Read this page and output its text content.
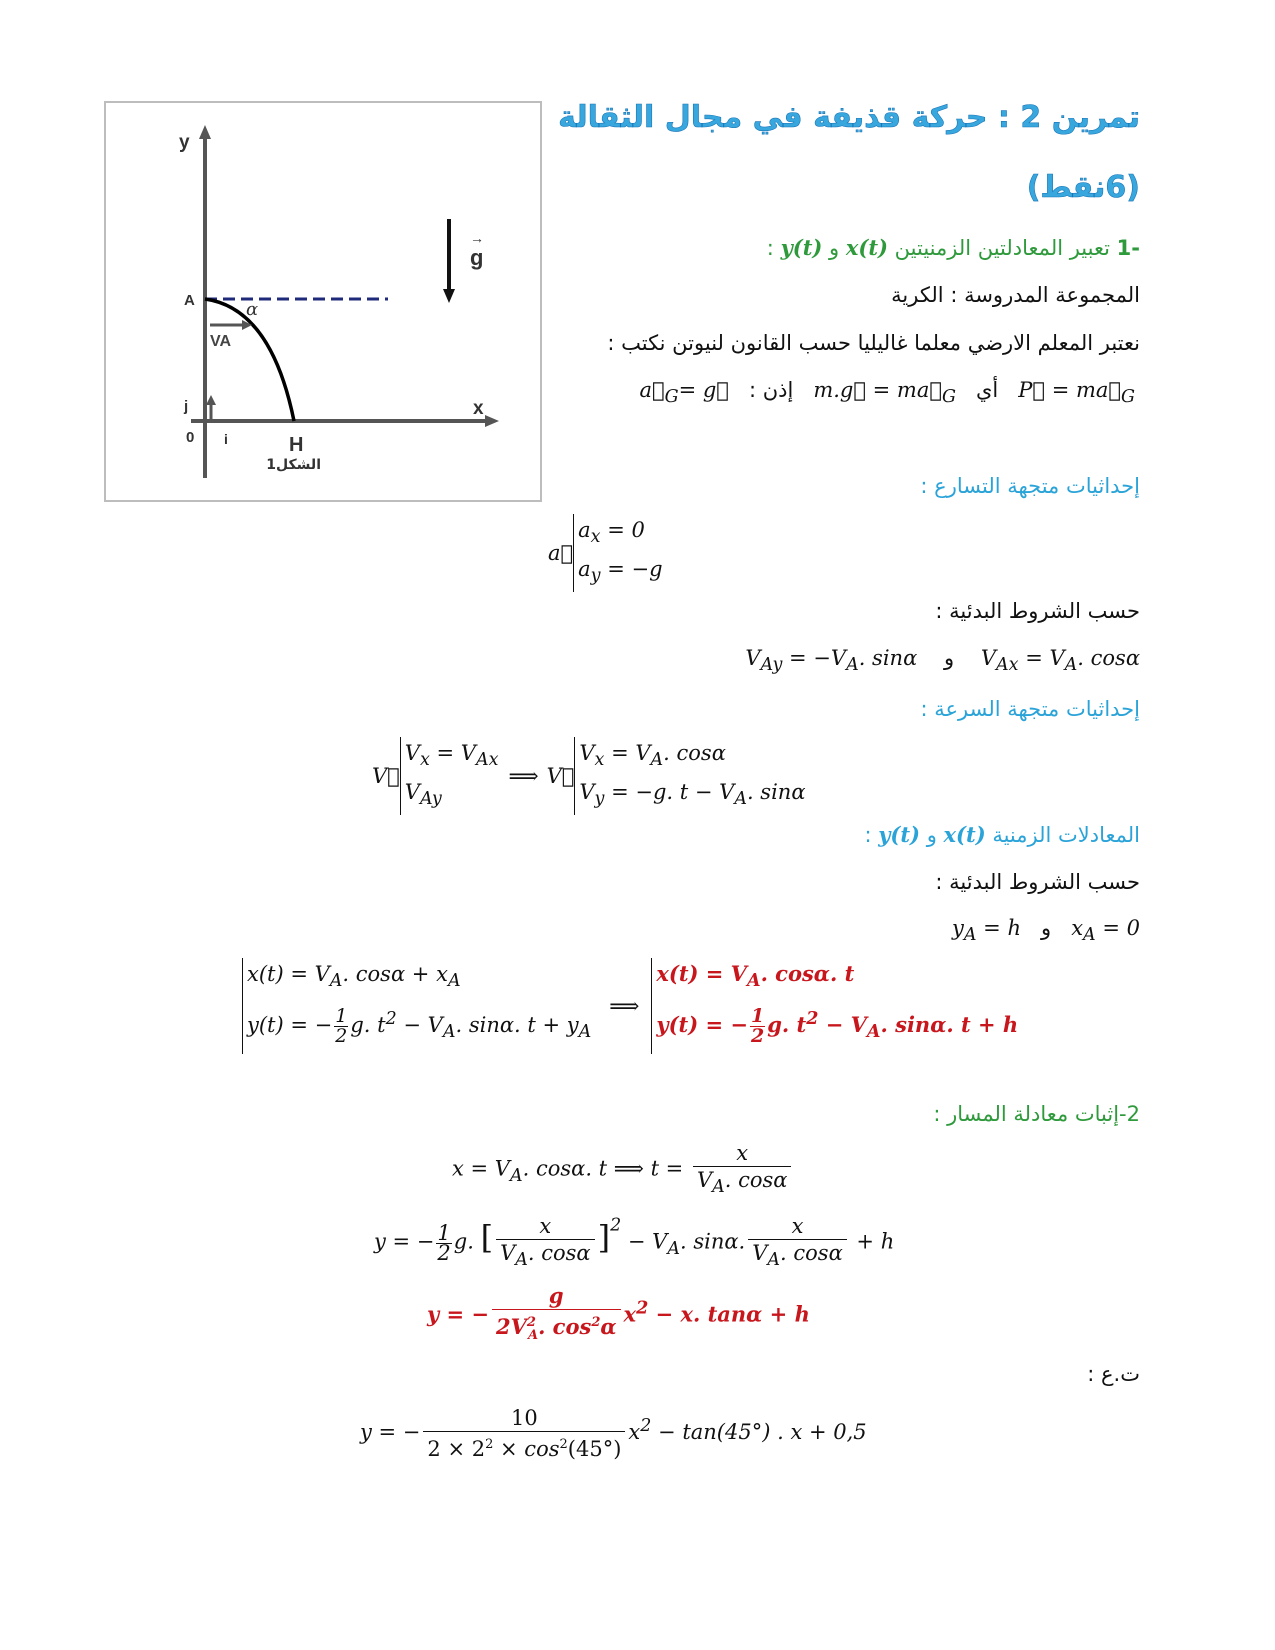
g
→
y
x
A	α
VA
j
0 i	H
الشكل1
تمرين 2 : حركة قذيفة في مجال الثقالة
(6نقط)
-1 تعبير المعادلتين الزمنيتين x(t) و y(t) :
المجموعة المدروسة : الكرية
نعتبر المعلم الارضي معلما غاليليا حسب القانون لنيوتن نكتب :
P⃗ = $ma⃗_G$   أي   m.g⃗ = $ma⃗_G$   إذن :   $a⃗_G=$ g⃗
إحداثيات متجهة التسارع :
a⃗
$a_x = 0$
$a_y = -g$
حسب الشروط البدئية :
$V_{Ax} = V_A$. cosα    و    $V_{Ay} = -V_A$. sinα
إحداثيات متجهة السرعة :
V⃗
$V_x = V_{Ax}$
$V_{Ay}$
⟹ V⃗
$V_x = V_A$. cosα
$V_y = -g$. $t - V_A$. sinα
المعادلات الزمنية x(t) و y(t) :
حسب الشروط البدئية :
$x_A = 0$   و   $y_A = h$
$x(t) = V_A$. $\cos\alpha + x_A$
y(t) = − $\frac{1}{2} g$. $t^2 - V_A$. sinα. $t + y_A$
⟹
$x(t) = V_A$. cosα. t
y(t) = − $\frac{1}{2} g$. $t^2 - V_A$. sinα. t + h
2-إثبات معادلة المسار :
$x = V_A$. cosα. t ⟹ $t = \frac{x}{V_A. \cos\alpha}$
y = − $\frac{1}{2} g$. [ $\frac{x}{V_A. \cos\alpha} ]^2 - V_A$. sinα. $\frac{x}{V_A. \cos\alpha} + h$
y = − $\frac{g}{2V^2_A. \cos^2\alpha} x^2 - x$. tanα + h
ت.ع :
y = − $\frac{10}{2 \times 2^2 \times \cos^2(45^\circ)} x^2 - \tan(45^\circ)$ . x + 0,5
